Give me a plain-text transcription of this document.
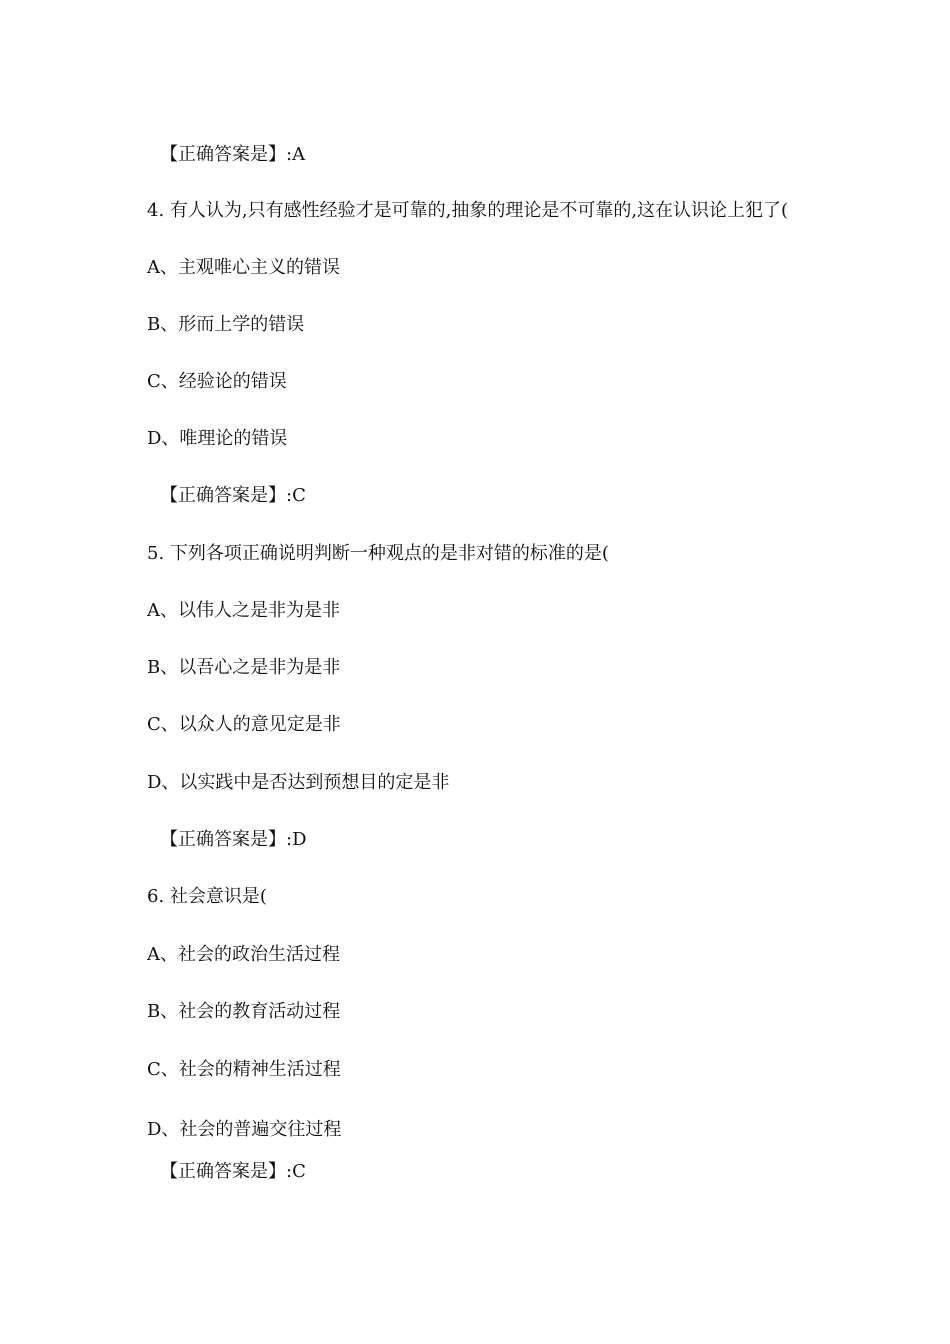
【正确答案是】:A
4. 有人认为,只有感性经验才是可靠的,抽象的理论是不可靠的,这在认识论上犯了(
A、主观唯心主义的错误
B、形而上学的错误
C、经验论的错误
D、唯理论的错误
【正确答案是】:C
5. 下列各项正确说明判断一种观点的是非对错的标准的是(
A、以伟人之是非为是非
B、以吾心之是非为是非
C、以众人的意见定是非
D、以实践中是否达到预想目的定是非
【正确答案是】:D
6. 社会意识是(
A、社会的政治生活过程
B、社会的教育活动过程
C、社会的精神生活过程
D、社会的普遍交往过程
【正确答案是】:C
